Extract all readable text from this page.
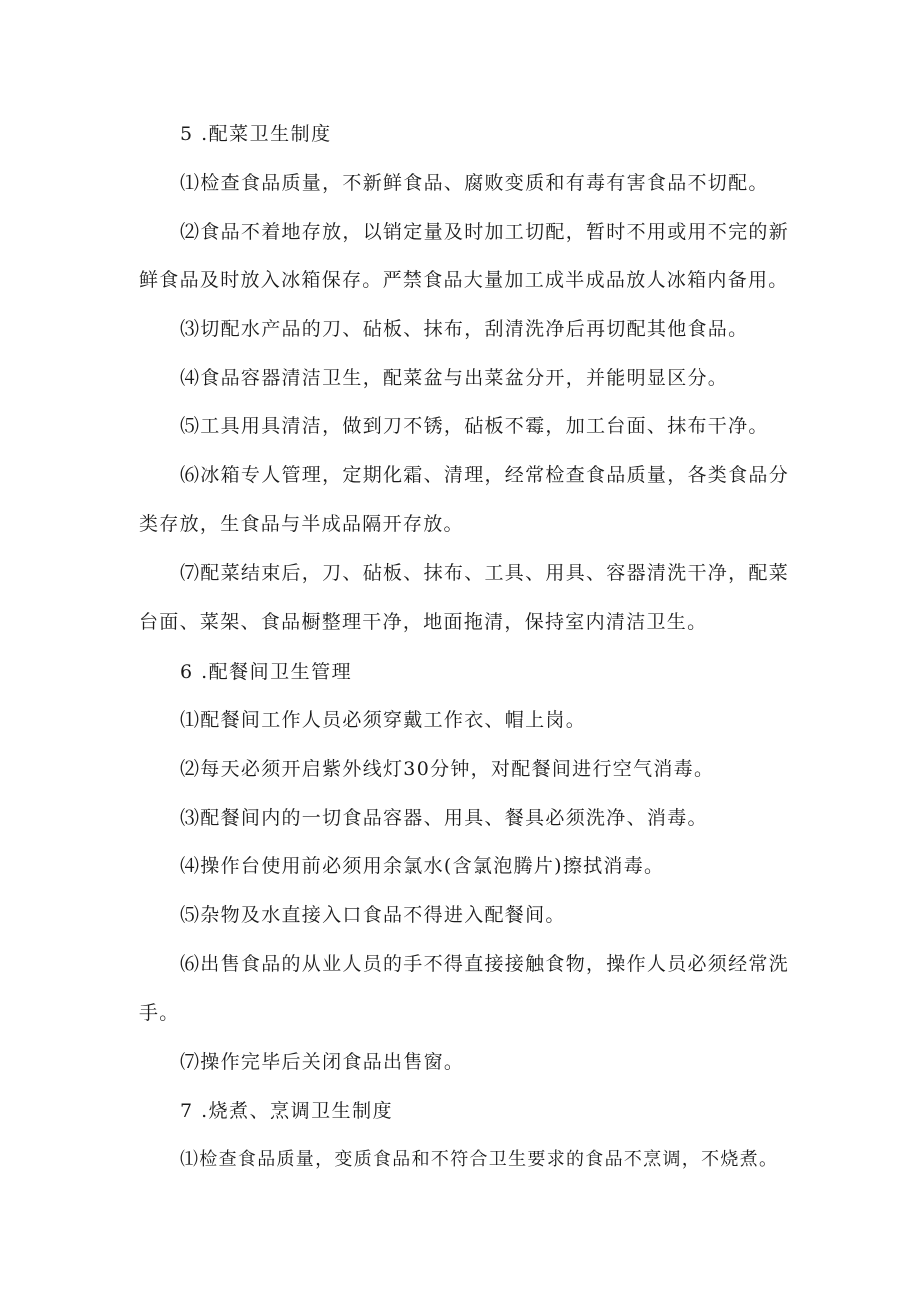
5 .配菜卫生制度
⑴检查食品质量，不新鲜食品、腐败变质和有毒有害食品不切配。
⑵食品不着地存放，以销定量及时加工切配，暂时不用或用不完的新
鲜食品及时放入冰箱保存。严禁食品大量加工成半成品放人冰箱内备用。
⑶切配水产品的刀、砧板、抹布，刮清洗净后再切配其他食品。
⑷食品容器清洁卫生，配菜盆与出菜盆分开，并能明显区分。
⑸工具用具清洁，做到刀不锈，砧板不霉，加工台面、抹布干净。
⑹冰箱专人管理，定期化霜、清理，经常检查食品质量，各类食品分
类存放，生食品与半成品隔开存放。
⑺配菜结束后，刀、砧板、抹布、工具、用具、容器清洗干净，配菜
台面、菜架、食品橱整理干净，地面拖清，保持室内清洁卫生。
6 .配餐间卫生管理
⑴配餐间工作人员必须穿戴工作衣、帽上岗。
⑵每天必须开启紫外线灯30分钟，对配餐间进行空气消毒。
⑶配餐间内的一切食品容器、用具、餐具必须洗净、消毒。
⑷操作台使用前必须用余氯水(含氯泡腾片)擦拭消毒。
⑸杂物及水直接入口食品不得进入配餐间。
⑹出售食品的从业人员的手不得直接接触食物，操作人员必须经常洗
手。
⑺操作完毕后关闭食品出售窗。
7 .烧煮、烹调卫生制度
⑴检查食品质量，变质食品和不符合卫生要求的食品不烹调，不烧煮。
